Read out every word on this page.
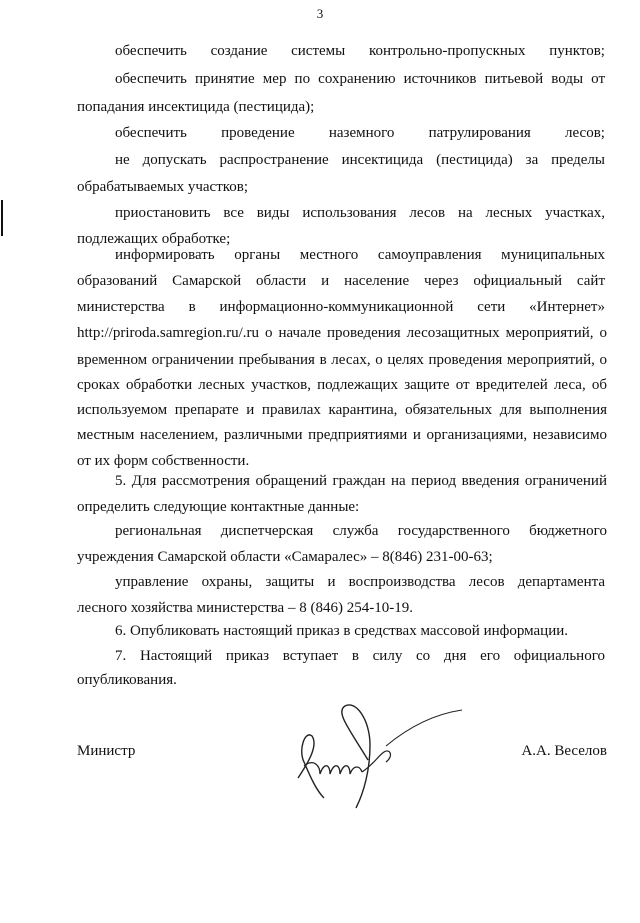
3
обеспечить создание системы контрольно-пропускных пунктов;
обеспечить принятие мер по сохранению источников питьевой воды от
попадания инсектицида (пестицида);
обеспечить проведение наземного патрулирования лесов;
не допускать распространение инсектицида (пестицида) за пределы
обрабатываемых участков;
приостановить все виды использования лесов на лесных участках,
подлежащих обработке;
информировать органы местного самоуправления муниципальных
образований Самарской области и население через официальный сайт
министерства в информационно-коммуникационной сети «Интернет»
http://priroda.samregion.ru/.ru о начале проведения лесозащитных мероприятий, о
временном ограничении пребывания в лесах, о целях проведения мероприятий, о
сроках обработки лесных участков, подлежащих защите от вредителей леса, об
используемом препарате и правилах карантина, обязательных для выполнения
местным населением, различными предприятиями и организациями, независимо
от их форм собственности.
5. Для рассмотрения обращений граждан на период введения ограничений
определить следующие контактные данные:
региональная диспетчерская служба государственного бюджетного
учреждения Самарской области «Самаралес» – 8(846) 231-00-63;
управление охраны, защиты и воспроизводства лесов департамента
лесного хозяйства министерства – 8 (846) 254-10-19.
6. Опубликовать настоящий приказ в средствах массовой информации.
7. Настоящий приказ вступает в силу со дня его официального
опубликования.
Министр	А.А. Веселов
